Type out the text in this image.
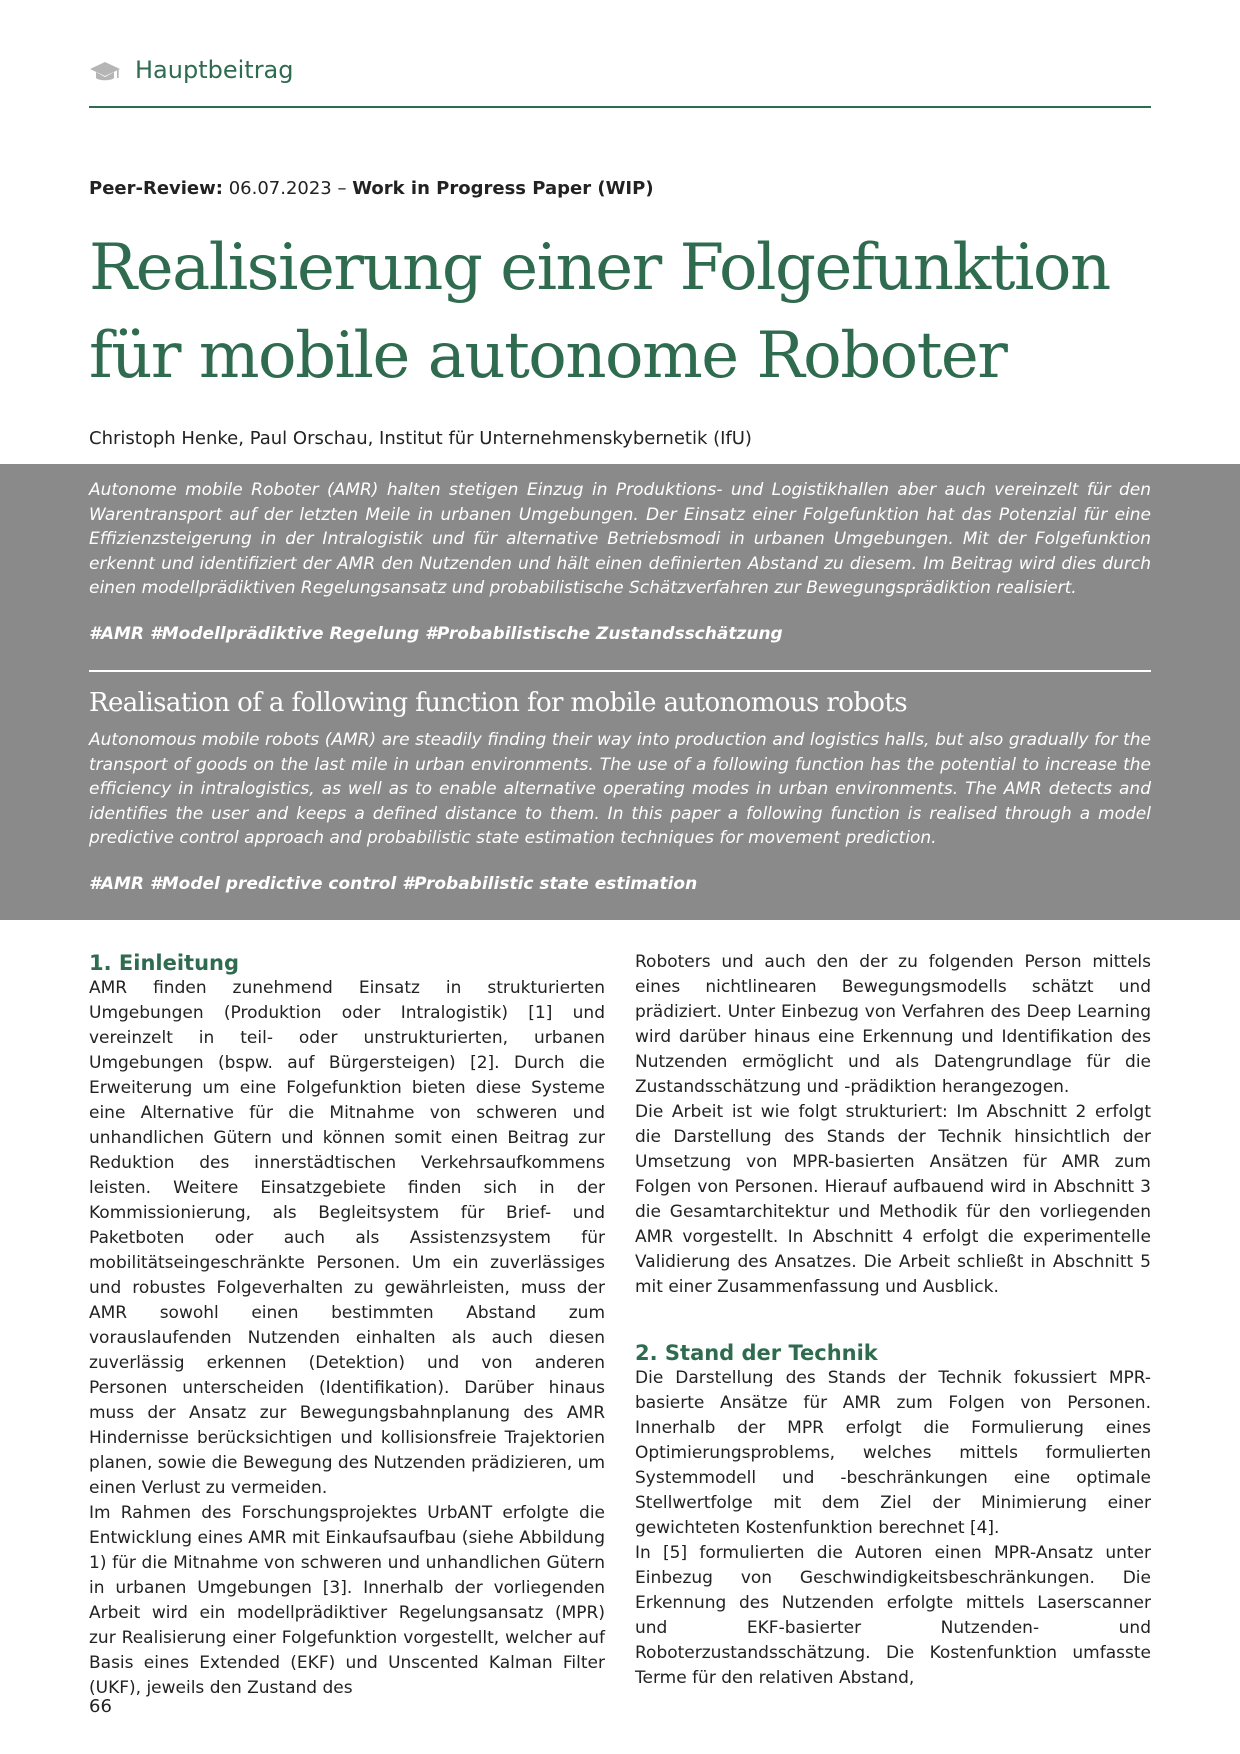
Hauptbeitrag
Peer-Review: 06.07.2023 – Work in Progress Paper (WIP)
Realisierung einer Folgefunktion
für mobile autonome Roboter
Christoph Henke, Paul Orschau, Institut für Unternehmenskybernetik (IfU)

Autonome mobile Roboter (AMR) halten stetigen Einzug in Produktions- und Logistikhallen aber auch vereinzelt für den Warentransport auf der letzten Meile in urbanen Umgebungen. Der Einsatz einer Folgefunktion hat das Potenzial für eine Effizienzsteigerung in der Intralogistik und für alternative Betriebsmodi in urbanen Umgebungen. Mit der Folgefunktion erkennt und identifiziert der AMR den Nutzenden und hält einen definierten Abstand zu diesem. Im Beitrag wird dies durch einen modellprädiktiven Regelungsansatz und probabilistische Schätzverfahren zur Bewegungsprädiktion realisiert.

#AMR #Modellprädiktive Regelung #Probabilistische Zustandsschätzung
Realisation of a following function for mobile autonomous robots

Autonomous mobile robots (AMR) are steadily finding their way into production and logistics halls, but also gradually for the transport of goods on the last mile in urban environments. The use of a following function has the potential to increase the efficiency in intralogistics, as well as to enable alternative operating modes in urban environments. The AMR detects and identifies the user and keeps a defined distance to them. In this paper a following function is realised through a model predictive control approach and probabilistic state estimation techniques for movement prediction.

#AMR #Model predictive control #Probabilistic state estimation
1. Einleitung

AMR finden zunehmend Einsatz in strukturierten Umgebungen (Produktion oder Intralogistik) [1] und vereinzelt in teil- oder unstrukturierten, urbanen Umgebungen (bspw. auf Bürgersteigen) [2]. Durch die Erweiterung um eine Folgefunktion bieten diese Systeme eine Alternative für die Mitnahme von schweren und unhandlichen Gütern und können somit einen Beitrag zur Reduktion des innerstädtischen Verkehrsaufkommens leisten. Weitere Einsatzgebiete finden sich in der Kommissionierung, als Begleitsystem für Brief- und Paketboten oder auch als Assistenzsystem für mobilitätseingeschränkte Personen. Um ein zuverlässiges und robustes Folgeverhalten zu gewährleisten, muss der AMR sowohl einen bestimmten Abstand zum vorauslaufenden Nutzenden einhalten als auch diesen zuverlässig erkennen (Detektion) und von anderen Personen unterscheiden (Identifikation). Darüber hinaus muss der Ansatz zur Bewegungsbahnplanung des AMR Hindernisse berücksichtigen und kollisionsfreie Trajektorien planen, sowie die Bewegung des Nutzenden prädizieren, um einen Verlust zu vermeiden.

Im Rahmen des Forschungsprojektes UrbANT erfolgte die Entwicklung eines AMR mit Einkaufsaufbau (siehe Abbildung 1) für die Mitnahme von schweren und unhandlichen Gütern in urbanen Umgebungen [3]. Innerhalb der vorliegenden Arbeit wird ein modellprädiktiver Regelungsansatz (MPR) zur Realisierung einer Folgefunktion vorgestellt, welcher auf Basis eines Extended (EKF) und Unscented Kalman Filter (UKF), jeweils den Zustand des

Roboters und auch den der zu folgenden Person mittels eines nichtlinearen Bewegungsmodells schätzt und prädiziert. Unter Einbezug von Verfahren des Deep Learning wird darüber hinaus eine Erkennung und Identifikation des Nutzenden ermöglicht und als Datengrundlage für die Zustandsschätzung und -prädiktion herangezogen.

Die Arbeit ist wie folgt strukturiert: Im Abschnitt 2 erfolgt die Darstellung des Stands der Technik hinsichtlich der Umsetzung von MPR-basierten Ansätzen für AMR zum Folgen von Personen. Hierauf aufbauend wird in Abschnitt 3 die Gesamtarchitektur und Methodik für den vorliegenden AMR vorgestellt. In Abschnitt 4 erfolgt die experimentelle Validierung des Ansatzes. Die Arbeit schließt in Abschnitt 5 mit einer Zusammenfassung und Ausblick.

2. Stand der Technik

Die Darstellung des Stands der Technik fokussiert MPR-basierte Ansätze für AMR zum Folgen von Personen. Innerhalb der MPR erfolgt die Formulierung eines Optimierungsproblems, welches mittels formulierten Systemmodell und -beschränkungen eine optimale Stellwertfolge mit dem Ziel der Minimierung einer gewichteten Kostenfunktion berechnet [4].

In [5] formulierten die Autoren einen MPR-Ansatz unter Einbezug von Geschwindigkeitsbeschränkungen. Die Erkennung des Nutzenden erfolgte mittels Laserscanner und EKF-basierter Nutzenden- und Roboterzustandsschätzung. Die Kostenfunktion umfasste Terme für den relativen Abstand,

66
